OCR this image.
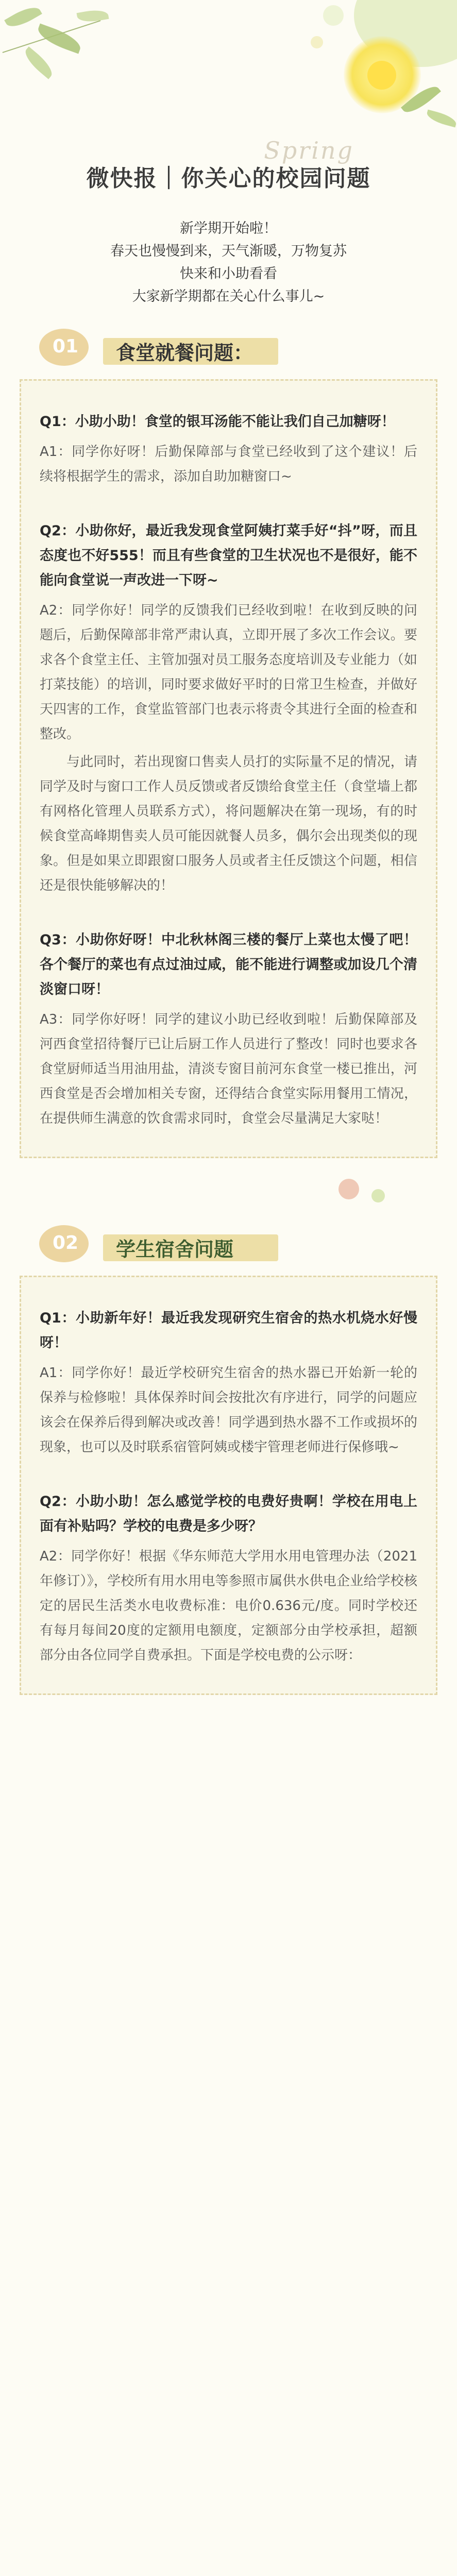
Spring
微快报｜你关心的校园问题

新学期开始啦！

春天也慢慢到来，天气渐暖，万物复苏

快来和小助看看

大家新学期都在关心什么事儿~

01 食堂就餐问题：

Q1：小助小助！食堂的银耳汤能不能让我们自己加糖呀！

A1：同学你好呀！后勤保障部与食堂已经收到了这个建议！后续将根据学生的需求，添加自助加糖窗口~

Q2：小助你好，最近我发现食堂阿姨打菜手好“抖”呀，而且态度也不好555！而且有些食堂的卫生状况也不是很好，能不能向食堂说一声改进一下呀~

A2：同学你好！同学的反馈我们已经收到啦！在收到反映的问题后，后勤保障部非常严肃认真，立即开展了多次工作会议。要求各个食堂主任、主管加强对员工服务态度培训及专业能力（如打菜技能）的培训，同时要求做好平时的日常卫生检查，并做好天四害的工作，食堂监管部门也表示将责令其进行全面的检查和整改。

与此同时，若出现窗口售卖人员打的实际量不足的情况，请同学及时与窗口工作人员反馈或者反馈给食堂主任（食堂墙上都有网格化管理人员联系方式），将问题解决在第一现场，有的时候食堂高峰期售卖人员可能因就餐人员多，偶尔会出现类似的现象。但是如果立即跟窗口服务人员或者主任反馈这个问题，相信还是很快能够解决的！

Q3：小助你好呀！中北秋林阁三楼的餐厅上菜也太慢了吧！各个餐厅的菜也有点过油过咸，能不能进行调整或加设几个清淡窗口呀！

A3：同学你好呀！同学的建议小助已经收到啦！后勤保障部及河西食堂招待餐厅已让后厨工作人员进行了整改！同时也要求各食堂厨师适当用油用盐，清淡专窗目前河东食堂一楼已推出，河西食堂是否会增加相关专窗，还得结合食堂实际用餐用工情况，在提供师生满意的饮食需求同时，食堂会尽量满足大家哒！

02 学生宿舍问题

Q1：小助新年好！最近我发现研究生宿舍的热水机烧水好慢呀！

A1：同学你好！最近学校研究生宿舍的热水器已开始新一轮的保养与检修啦！具体保养时间会按批次有序进行，同学的问题应该会在保养后得到解决或改善！同学遇到热水器不工作或损坏的现象，也可以及时联系宿管阿姨或楼宇管理老师进行保修哦~

Q2：小助小助！怎么感觉学校的电费好贵啊！学校在用电上面有补贴吗？学校的电费是多少呀？

A2：同学你好！根据《华东师范大学用水用电管理办法（2021年修订）》，学校所有用水用电等参照市属供水供电企业给学校核定的居民生活类水电收费标准：电价0.636元/度。同时学校还有每月每间20度的定额用电额度，定额部分由学校承担，超额部分由各位同学自费承担。下面是学校电费的公示呀：
